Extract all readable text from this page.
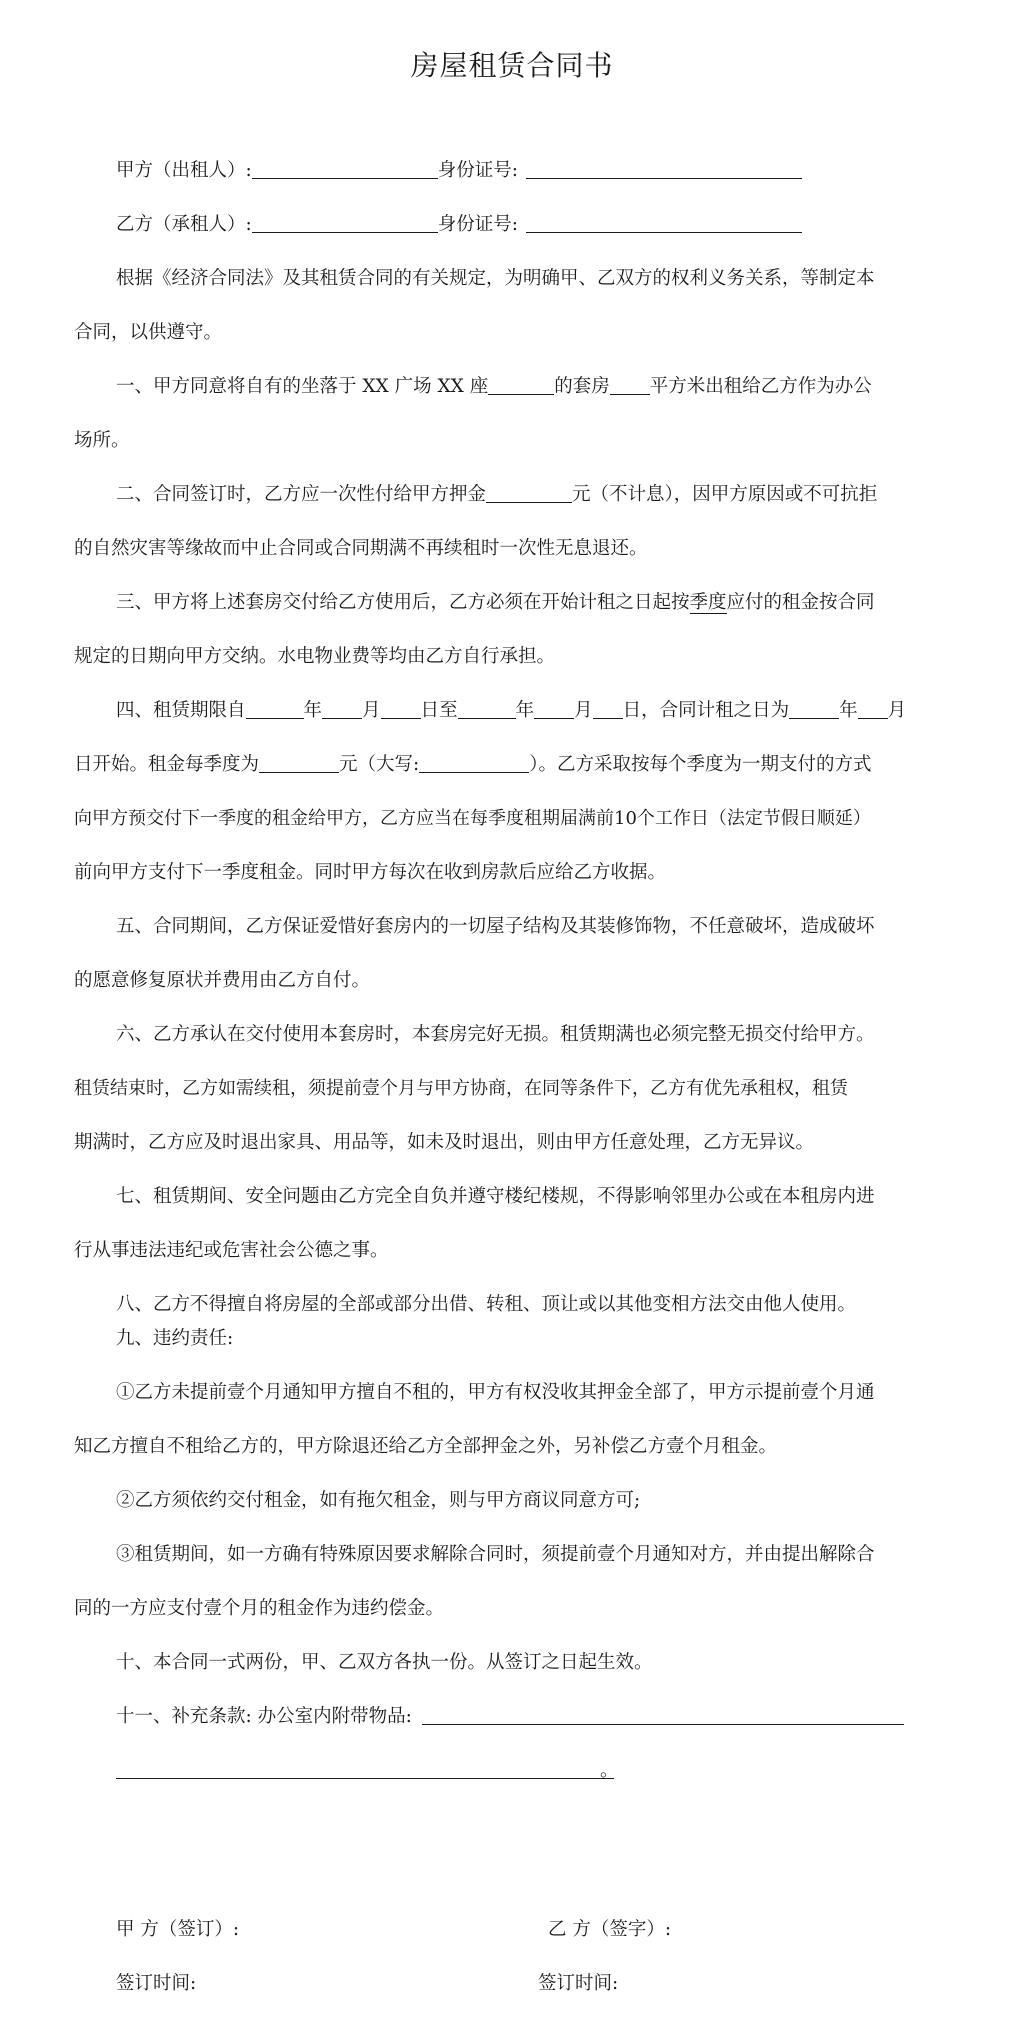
房屋租赁合同书
甲方（出租人）:	身份证号:
乙方（承租人）:	身份证号:
根据《经济合同法》及其租赁合同的有关规定，为明确甲、乙双方的权利义务关系，等制定本
合同，以供遵守。
一、甲方同意将自有的坐落于 XX 广场 XX 座	的套房 平方米出租给乙方作为办公
场所。
二、合同签订时，乙方应一次性付给甲方押金	元（不计息），因甲方原因或不可抗拒
的自然灾害等缘故而中止合同或合同期满不再续租时一次性无息退还。
三、甲方将上述套房交付给乙方使用后，乙方必须在开始计租之日起按季度应付的租金按合同
规定的日期向甲方交纳。水电物业费等均由乙方自行承担。
四、租赁期限自	年 月 日至	年 月 日，合同计租之日为	年 月
日开始。租金每季度为	元（大写:	）。乙方采取按每个季度为一期支付的方式
向甲方预交付下一季度的租金给甲方，乙方应当在每季度租期届满前10个工作日（法定节假日顺延）
前向甲方支付下一季度租金。同时甲方每次在收到房款后应给乙方收据。
五、合同期间，乙方保证爱惜好套房内的一切屋子结构及其装修饰物，不任意破坏，造成破坏
的愿意修复原状并费用由乙方自付。
六、乙方承认在交付使用本套房时，本套房完好无损。租赁期满也必须完整无损交付给甲方。
租赁结束时，乙方如需续租，须提前壹个月与甲方协商，在同等条件下，乙方有优先承租权，租赁
期满时，乙方应及时退出家具、用品等，如未及时退出，则由甲方任意处理，乙方无异议。
七、租赁期间、安全问题由乙方完全自负并遵守楼纪楼规，不得影响邻里办公或在本租房内进
行从事违法违纪或危害社会公德之事。
八、乙方不得擅自将房屋的全部或部分出借、转租、顶让或以其他变相方法交由他人使用。
九、违约责任:
①乙方未提前壹个月通知甲方擅自不租的，甲方有权没收其押金全部了，甲方示提前壹个月通
知乙方擅自不租给乙方的，甲方除退还给乙方全部押金之外，另补偿乙方壹个月租金。
②乙方须依约交付租金，如有拖欠租金，则与甲方商议同意方可;
③租赁期间，如一方确有特殊原因要求解除合同时，须提前壹个月通知对方，并由提出解除合
同的一方应支付壹个月的租金作为违约偿金。
十、本合同一式两份，甲、乙双方各执一份。从签订之日起生效。
十一、补充条款: 办公室内附带物品:
。
甲 方（签订）:	乙 方（签字）:
签订时间:	签订时间:
